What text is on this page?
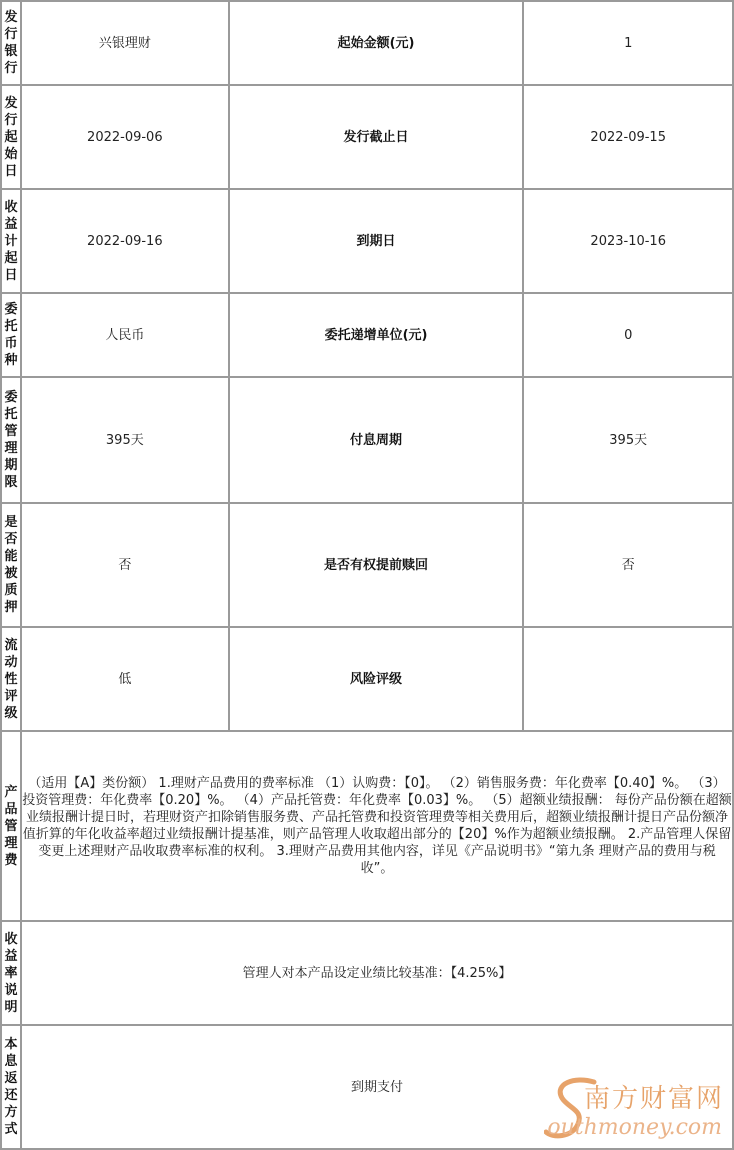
发行银行	兴银理财	起始金额(元)	1
发行起始日	2022-09-06	发行截止日	2022-09-15
收益计起日	2022-09-16	到期日	2023-10-16
委托币种	人民币	委托递增单位(元)	0
委托管理期限	395天	付息周期	395天
是否能被质押	否	是否有权提前赎回	否
流动性评级	低	风险评级	
产品管理费	（适用【A】类份额） 1.理财产品费用的费率标准 （1）认购费：【0】。 （2）销售服务费：年化费率【0.40】%。 （3）投资管理费：年化费率【0.20】%。 （4）产品托管费：年化费率【0.03】%。 （5）超额业绩报酬： 每份产品份额在超额业绩报酬计提日时，若理财资产扣除销售服务费、产品托管费和投资管理费等相关费用后，超额业绩报酬计提日产品份额净值折算的年化收益率超过业绩报酬计提基准，则产品管理人收取超出部分的【20】%作为超额业绩报酬。 2.产品管理人保留变更上述理财产品收取费率标准的权利。 3.理财产品费用其他内容，详见《产品说明书》“第九条 理财产品的费用与税收”。		
收益率说明	管理人对本产品设定业绩比较基准：【4.25%】		
本息返还方式	到期支付			南方财富网
outhmoney.com
